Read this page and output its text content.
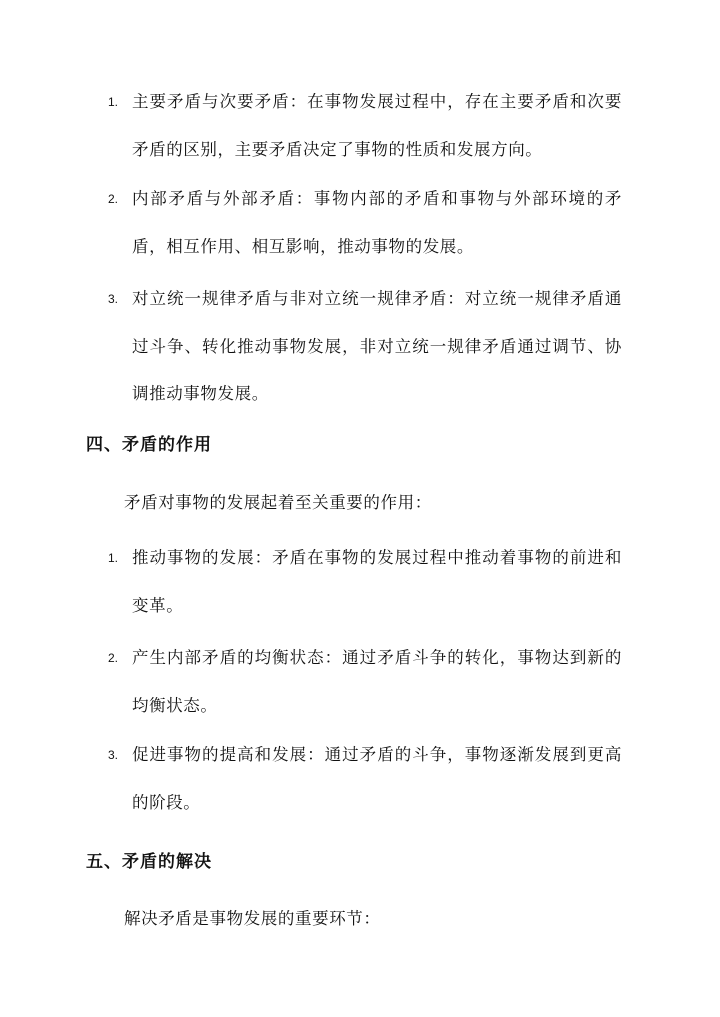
1. 主要矛盾与次要矛盾：在事物发展过程中，存在主要矛盾和次要矛盾的区别，主要矛盾决定了事物的性质和发展方向。
2. 内部矛盾与外部矛盾：事物内部的矛盾和事物与外部环境的矛盾，相互作用、相互影响，推动事物的发展。
3. 对立统一规律矛盾与非对立统一规律矛盾：对立统一规律矛盾通过斗争、转化推动事物发展，非对立统一规律矛盾通过调节、协调推动事物发展。
四、矛盾的作用
矛盾对事物的发展起着至关重要的作用：
1. 推动事物的发展：矛盾在事物的发展过程中推动着事物的前进和变革。
2. 产生内部矛盾的均衡状态：通过矛盾斗争的转化，事物达到新的均衡状态。
3. 促进事物的提高和发展：通过矛盾的斗争，事物逐渐发展到更高的阶段。
五、矛盾的解决
解决矛盾是事物发展的重要环节：
